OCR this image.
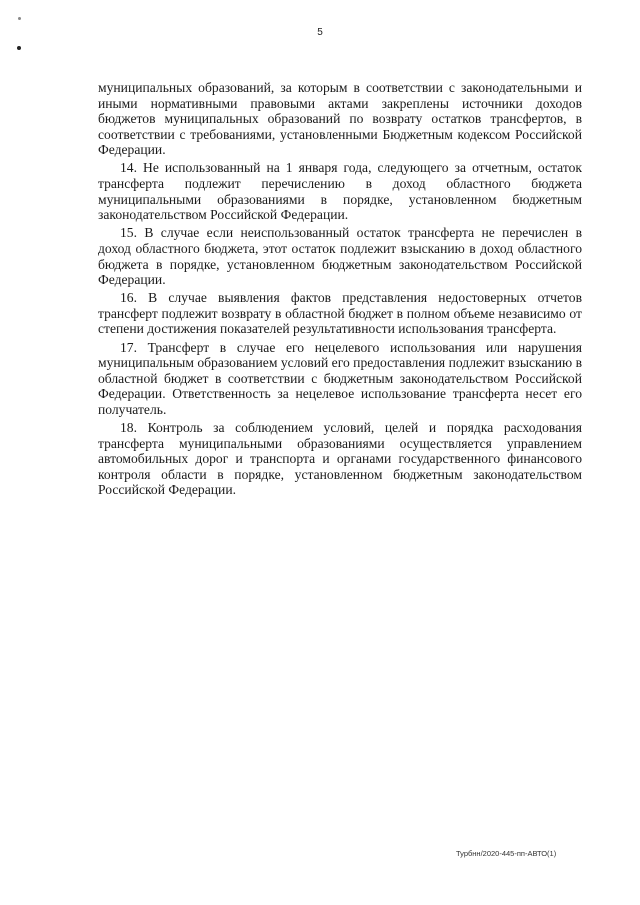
5

муниципальных образований, за которым в соответствии с законодательными и иными нормативными правовыми актами закреплены источники доходов бюджетов муниципальных образований по возврату остатков трансфертов, в соответствии с требованиями, установленными Бюджетным кодексом Российской Федерации.

14. Не использованный на 1 января года, следующего за отчетным, остаток трансферта подлежит перечислению в доход областного бюджета муниципальными образованиями в порядке, установленном бюджетным законодательством Российской Федерации.

15. В случае если неиспользованный остаток трансферта не перечислен в доход областного бюджета, этот остаток подлежит взысканию в доход областного бюджета в порядке, установленном бюджетным законодательством Российской Федерации.

16. В случае выявления фактов представления недостоверных отчетов трансферт подлежит возврату в областной бюджет в полном объеме независимо от степени достижения показателей результативности использования трансферта.

17. Трансферт в случае его нецелевого использования или нарушения муниципальным образованием условий его предоставления подлежит взысканию в областной бюджет в соответствии с бюджетным законодательством Российской Федерации. Ответственность за нецелевое использование трансферта несет его получатель.

18. Контроль за соблюдением условий, целей и порядка расходования трансферта муниципальными образованиями осуществляется управлением автомобильных дорог и транспорта и органами государственного финансового контроля области в порядке, установленном бюджетным законодательством Российской Федерации.

Турбнн/2020-445-пп-АВТО(1)
